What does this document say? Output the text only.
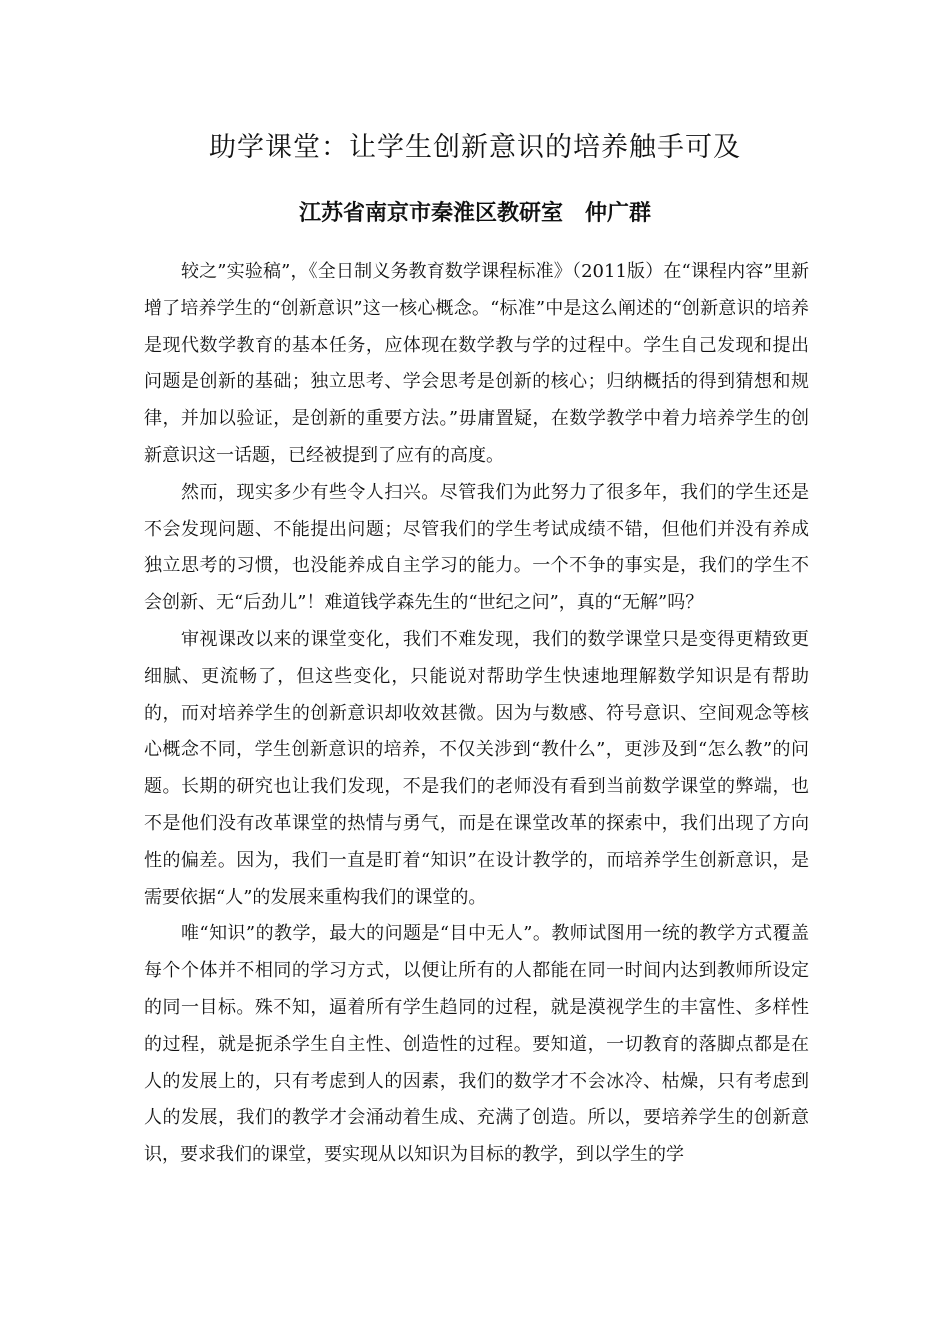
助学课堂：让学生创新意识的培养触手可及

江苏省南京市秦淮区教研室　仲广群

较之”实验稿”，《全日制义务教育数学课程标准》（2011版）在“课程内容”里新增了培养学生的“创新意识”这一核心概念。“标准”中是这么阐述的“创新意识的培养是现代数学教育的基本任务，应体现在数学教与学的过程中。学生自己发现和提出问题是创新的基础；独立思考、学会思考是创新的核心；归纳概括的得到猜想和规律，并加以验证，是创新的重要方法。”毋庸置疑，在数学教学中着力培养学生的创新意识这一话题，已经被提到了应有的高度。

然而，现实多少有些令人扫兴。尽管我们为此努力了很多年，我们的学生还是不会发现问题、不能提出问题；尽管我们的学生考试成绩不错，但他们并没有养成独立思考的习惯，也没能养成自主学习的能力。一个不争的事实是，我们的学生不会创新、无“后劲儿”！难道钱学森先生的“世纪之问”，真的“无解”吗？

审视课改以来的课堂变化，我们不难发现，我们的数学课堂只是变得更精致更细腻、更流畅了，但这些变化，只能说对帮助学生快速地理解数学知识是有帮助的，而对培养学生的创新意识却收效甚微。因为与数感、符号意识、空间观念等核心概念不同，学生创新意识的培养，不仅关涉到“教什么”，更涉及到“怎么教”的问题。长期的研究也让我们发现，不是我们的老师没有看到当前数学课堂的弊端，也不是他们没有改革课堂的热情与勇气，而是在课堂改革的探索中，我们出现了方向性的偏差。因为，我们一直是盯着“知识”在设计教学的，而培养学生创新意识，是需要依据“人”的发展来重构我们的课堂的。

唯“知识”的教学，最大的问题是“目中无人”。教师试图用一统的教学方式覆盖每个个体并不相同的学习方式，以便让所有的人都能在同一时间内达到教师所设定的同一目标。殊不知，逼着所有学生趋同的过程，就是漠视学生的丰富性、多样性的过程，就是扼杀学生自主性、创造性的过程。要知道，一切教育的落脚点都是在人的发展上的，只有考虑到人的因素，我们的数学才不会冰冷、枯燥，只有考虑到人的发展，我们的教学才会涌动着生成、充满了创造。所以，要培养学生的创新意识，要求我们的课堂，要实现从以知识为目标的教学，到以学生的学
